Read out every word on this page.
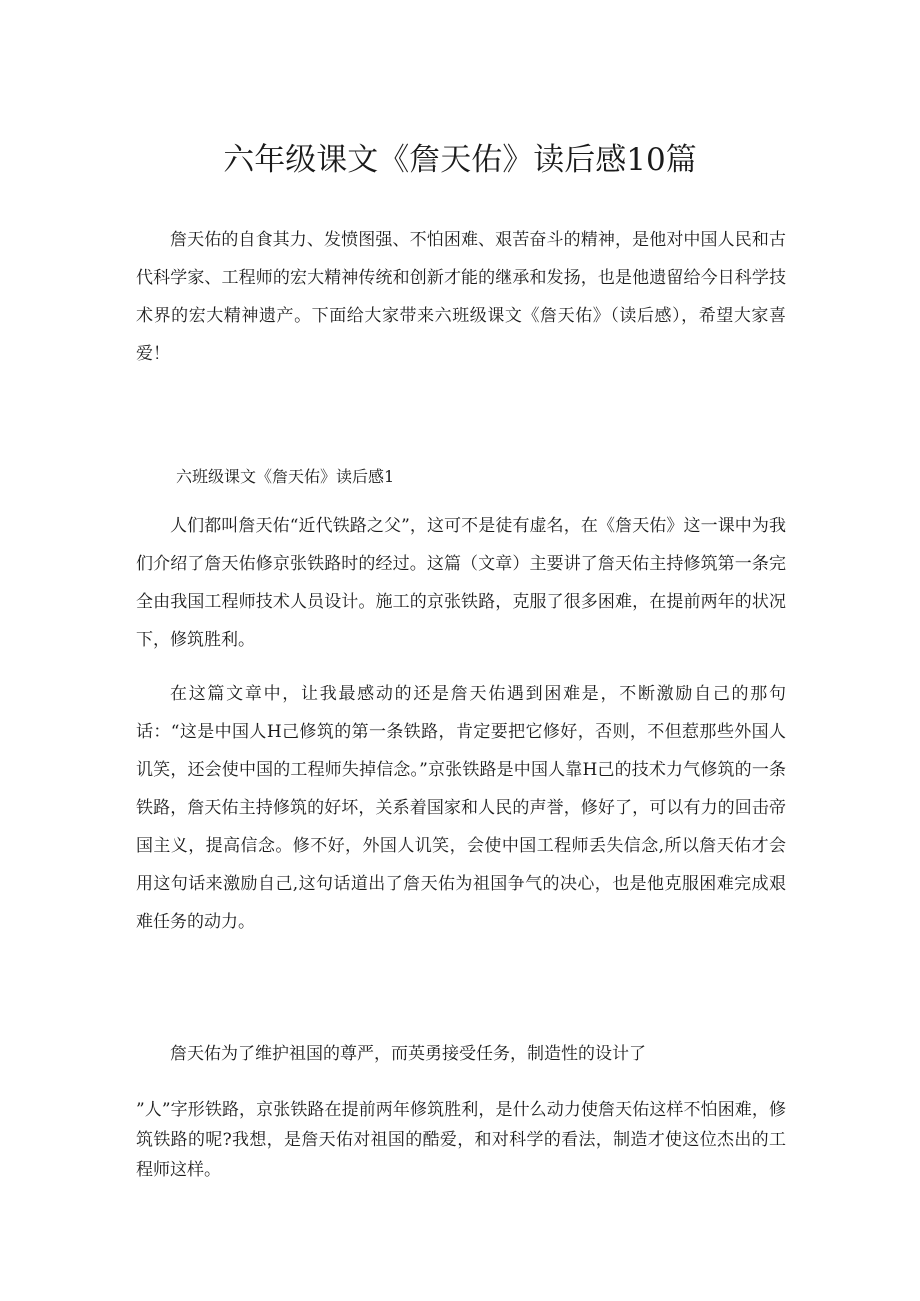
六年级课文《詹天佑》读后感10篇

詹天佑的自食其力、发愤图强、不怕困难、艰苦奋斗的精神，是他对中国人民和古代科学家、工程师的宏大精神传统和创新才能的继承和发扬，也是他遗留给今日科学技术界的宏大精神遗产。下面给大家带来六班级课文《詹天佑》（读后感），希望大家喜爱！

六班级课文《詹天佑》读后感1

人们都叫詹天佑“近代铁路之父”，这可不是徒有虚名，在《詹天佑》这一课中为我们介绍了詹天佑修京张铁路时的经过。这篇（文章）主要讲了詹天佑主持修筑第一条完全由我国工程师技术人员设计。施工的京张铁路，克服了很多困难，在提前两年的状况下，修筑胜利。

在这篇文章中，让我最感动的还是詹天佑遇到困难是，不断激励自己的那句话：“这是中国人H己修筑的第一条铁路，肯定要把它修好，否则，不但惹那些外国人讥笑，还会使中国的工程师失掉信念。”京张铁路是中国人靠H己的技术力气修筑的一条铁路，詹天佑主持修筑的好坏，关系着国家和人民的声誉，修好了，可以有力的回击帝国主义，提高信念。修不好，外国人讥笑，会使中国工程师丢失信念,所以詹天佑才会用这句话来激励自己,这句话道出了詹天佑为祖国争气的决心，也是他克服困难完成艰难任务的动力。

詹天佑为了维护祖国的尊严，而英勇接受任务，制造性的设计了

”人”字形铁路，京张铁路在提前两年修筑胜利，是什么动力使詹天佑这样不怕困难，修筑铁路的呢?我想，是詹天佑对祖国的酷爱，和对科学的看法，制造才使这位杰出的工程师这样。
